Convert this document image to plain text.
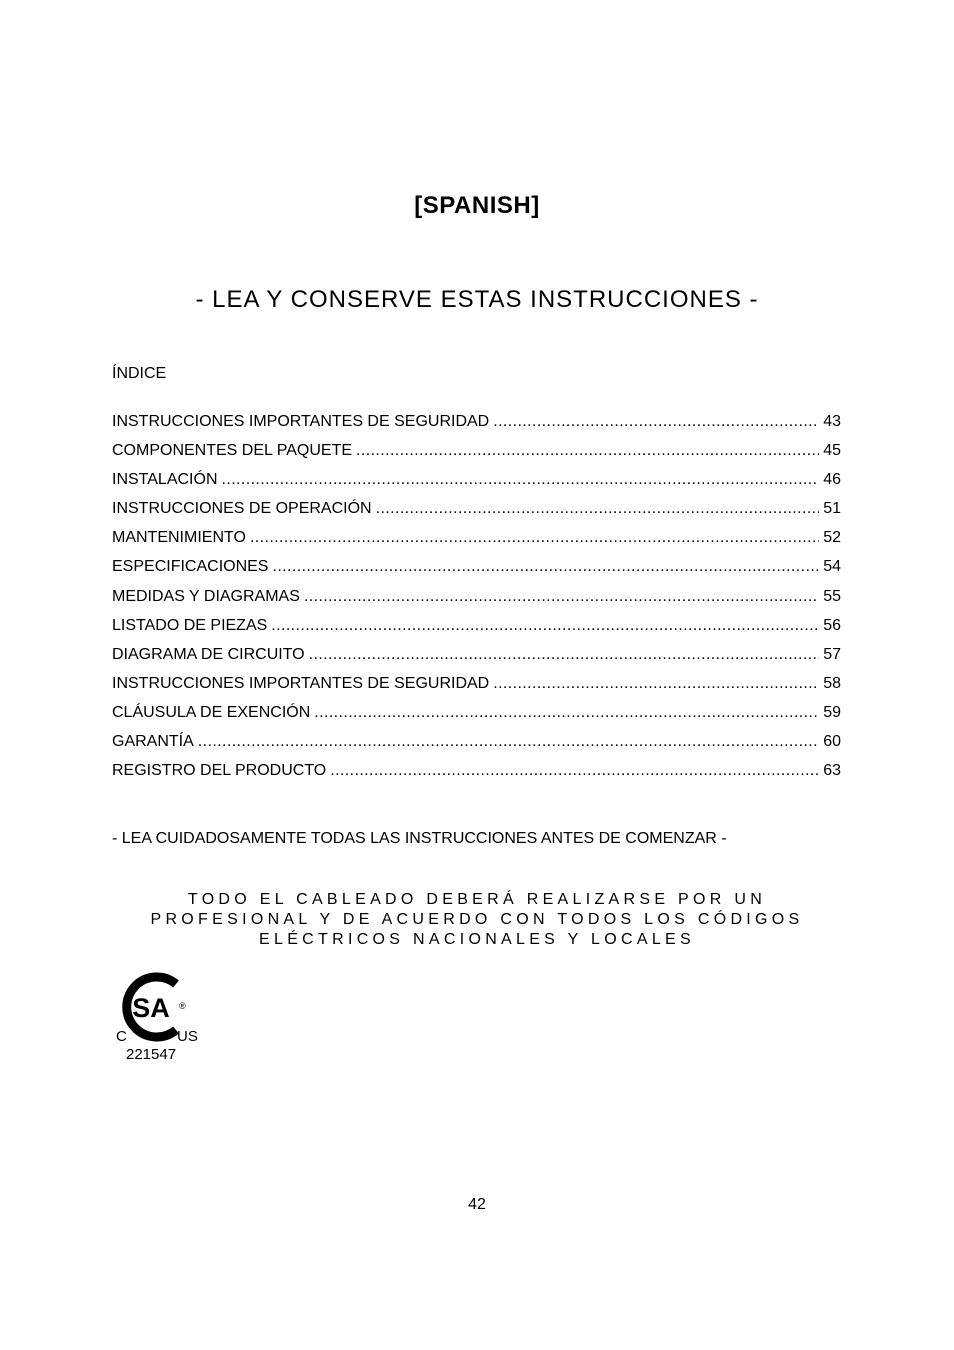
[SPANISH]
- LEA Y CONSERVE ESTAS INSTRUCCIONES -
ÍNDICE
INSTRUCCIONES IMPORTANTES DE SEGURIDAD .....	43
COMPONENTES DEL PAQUETE .....	45
INSTALACIÓN .....	46
INSTRUCCIONES DE OPERACIÓN .....	51
MANTENIMIENTO .....	52
ESPECIFICACIONES .....	54
MEDIDAS Y DIAGRAMAS .....	55
LISTADO DE PIEZAS .....	56
DIAGRAMA DE CIRCUITO .....	57
INSTRUCCIONES IMPORTANTES DE SEGURIDAD .....	58
CLÁUSULA DE EXENCIÓN .....	59
GARANTÍA .....	60
REGISTRO DEL PRODUCTO .....	63
- LEA CUIDADOSAMENTE TODAS LAS INSTRUCCIONES ANTES DE COMENZAR -
TODO EL CABLEADO DEBERÁ REALIZARSE POR UN
PROFESIONAL Y DE ACUERDO CON TODOS LOS CÓDIGOS
ELÉCTRICOS NACIONALES Y LOCALES
SA ®
C	US
221547
42
